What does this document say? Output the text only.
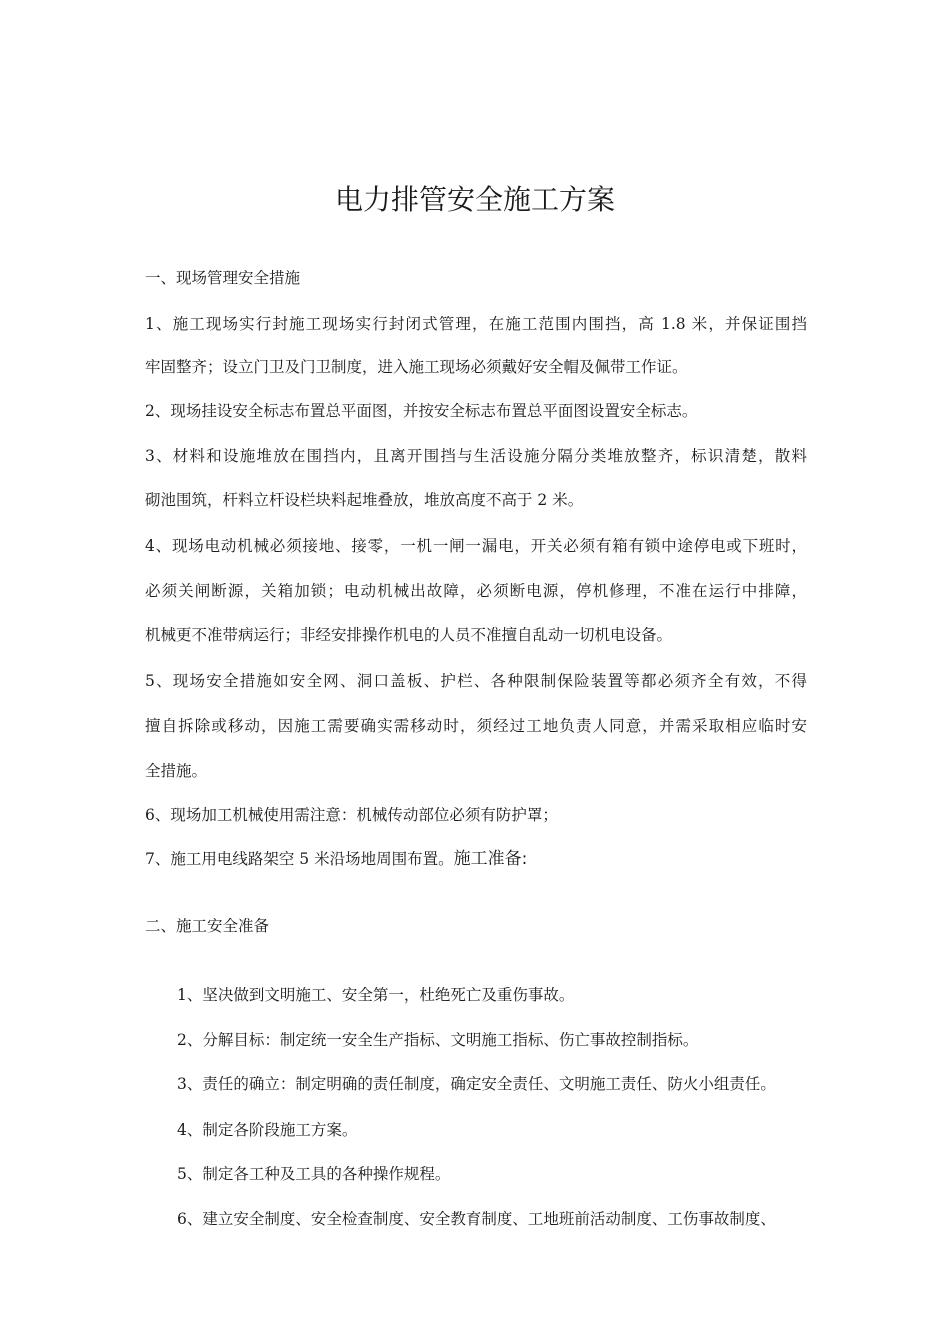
电力排管安全施工方案
一、现场管理安全措施
1、施工现场实行封施工现场实行封闭式管理，在施工范围内围挡，高 1.8 米，并保证围挡
牢固整齐；设立门卫及门卫制度，进入施工现场必须戴好安全帽及佩带工作证。
2、现场挂设安全标志布置总平面图，并按安全标志布置总平面图设置安全标志。
3、材料和设施堆放在围挡内，且离开围挡与生活设施分隔分类堆放整齐，标识清楚，散料
砌池围筑，杆料立杆设栏块料起堆叠放，堆放高度不高于 2 米。
4、现场电动机械必须接地、接零，一机一闸一漏电，开关必须有箱有锁中途停电或下班时，
必须关闸断源，关箱加锁；电动机械出故障，必须断电源，停机修理，不准在运行中排障，
机械更不准带病运行；非经安排操作机电的人员不准擅自乱动一切机电设备。
5、现场安全措施如安全网、洞口盖板、护栏、各种限制保险装置等都必须齐全有效，不得
擅自拆除或移动，因施工需要确实需移动时，须经过工地负责人同意，并需采取相应临时安
全措施。
6、现场加工机械使用需注意：机械传动部位必须有防护罩；
7、施工用电线路架空 5 米沿场地周围布置。施工准备:
二、施工安全准备
1、坚决做到文明施工、安全第一，杜绝死亡及重伤事故。
2、分解目标：制定统一安全生产指标、文明施工指标、伤亡事故控制指标。
3、责任的确立：制定明确的责任制度，确定安全责任、文明施工责任、防火小组责任。
4、制定各阶段施工方案。
5、制定各工种及工具的各种操作规程。
6、建立安全制度、安全检查制度、安全教育制度、工地班前活动制度、工伤事故制度、
